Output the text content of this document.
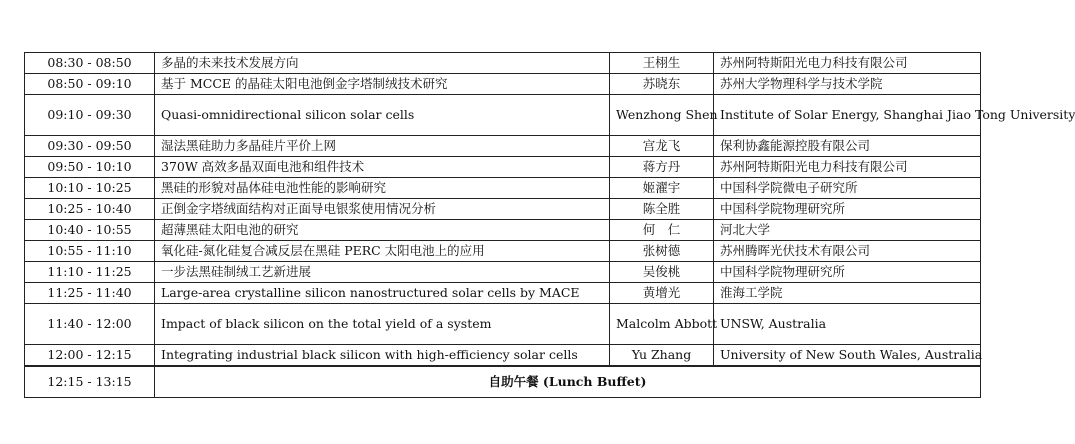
08:30 - 08:50	多晶的未来技术发展方向	王栩生	苏州阿特斯阳光电力科技有限公司
08:50 - 09:10	基于 MCCE 的晶硅太阳电池倒金字塔制绒技术研究	苏晓东	苏州大学物理科学与技术学院
09:10 - 09:30	Quasi-omnidirectional silicon solar cells	Wenzhong Shen	Institute of Solar Energy, Shanghai Jiao Tong University
09:30 - 09:50	湿法黑硅助力多晶硅片平价上网	宫龙飞	保利协鑫能源控股有限公司
09:50 - 10:10	370W 高效多晶双面电池和组件技术	蒋方丹	苏州阿特斯阳光电力科技有限公司
10:10 - 10:25	黑硅的形貌对晶体硅电池性能的影响研究	姬濯宇	中国科学院微电子研究所
10:25 - 10:40	正倒金字塔绒面结构对正面导电银浆使用情况分析	陈全胜	中国科学院物理研究所
10:40 - 10:55	超薄黑硅太阳电池的研究	何　仁	河北大学
10:55 - 11:10	氧化硅-氮化硅复合减反层在黑硅 PERC 太阳电池上的应用	张树德	苏州腾晖光伏技术有限公司
11:10 - 11:25	一步法黑硅制绒工艺新进展	吴俊桃	中国科学院物理研究所
11:25 - 11:40	Large-area crystalline silicon nanostructured solar cells by MACE	黄增光	淮海工学院
11:40 - 12:00	Impact of black silicon on the total yield of a system	Malcolm Abbott	UNSW, Australia
12:00 - 12:15	Integrating industrial black silicon with high-efficiency solar cells	Yu Zhang	University of New South Wales, Australia
12:15 - 13:15	自助午餐 (Lunch Buffet)		
